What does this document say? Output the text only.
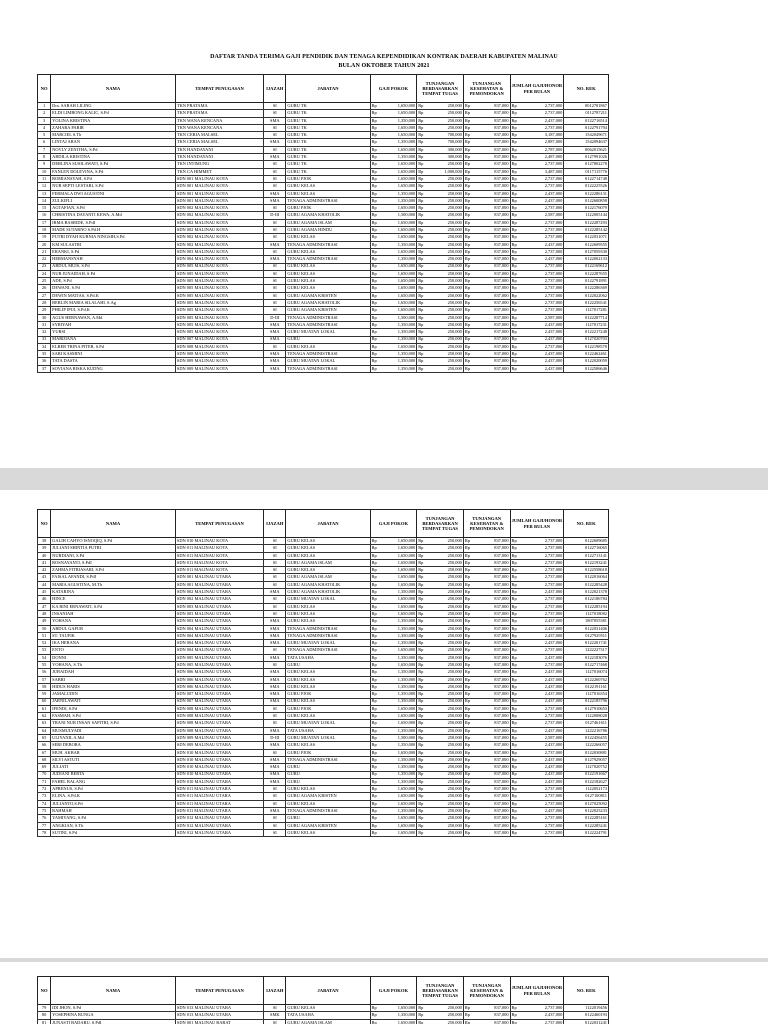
DAFTAR TANDA TERIMA GAJI PENDIDIK DAN TENAGA KEPENDIDIKAN KONTRAK DAERAH KABUPATEN MALINAU
BULAN OKTOBER TAHUN 2021
NO	NAMA	TEMPAT PENUGASAN	IJAZAH	JABATAN	GAJI POKOK		TUNJANGAN BERDASARKAN TEMPAT TUGAS		TUNJANGAN KESEHATAN & PEMONDOKAN		JUMLAH GAJI/HONOR PER BULAN		NO. REK
1	Dra. SARAH LILING	TKN PRATAMA	SI	GURU TK	Rp	1,650,000	Rp	250,000	Rp	837,000	Rp	2,737,000	0012781867
2	ELDI LIMBONG KALIC, S.Pd	TKN PRATAMA	SI	GURU TK	Rp	1,650,000	Rp	250,000	Rp	837,000	Rp	2,737,000	0112787211
3	YOLINA KRISTINA	TKN WANA KENCANA	SMA	GURU TK	Rp	1,350,000	Rp	250,000	Rp	837,000	Rp	2,437,000	0122716514
4	ZAHARA PARIR	TKN WANA KENCANA	SI	GURU TK	Rp	1,650,000	Rp	250,000	Rp	837,000	Rp	2,737,000	0122791794
5	MARCIEL S.Th	TKN CERIA MALSEL	SI	GURU TK	Rp	1,650,000	Rp	700,000	Rp	837,000	Rp	3,187,000	1542049671
6	LINTAJ ARAN	TKN CERIA MALSEL	SMA	GURU TK	Rp	1,350,000	Rp	700,000	Rp	837,000	Rp	2,887,000	1542094637
7	NOVLY ZENITHA, S.Pd	TKN HANDAYANI	SI	GURU TK	Rp	1,650,000	Rp	300,000	Rp	837,000	Rp	2,787,000	0062015621
8	ARDILA KRISTINA	TKN HANDAYANI	SMA	GURU TK	Rp	1,350,000	Rp	300,000	Rp	837,000	Rp	2,487,000	0127991026
9	DERLINA SUSILAWATI, S.Pd	TKN INTIMUNG	SI	GURU TK	Rp	1,650,000	Rp	250,000	Rp	837,000	Rp	2,737,000	0127802278
10	FANLEN DOLEVINA, S.Pd	TKN CA HIMMET	SI	GURU TK	Rp	1,650,000	Rp	1,000,000	Rp	837,000	Rp	3,487,000	0117115776
11	ROMIANSYAH, S.Pd	SDN 001 MALINAU KOTA	SI	GURU PJOK	Rp	1,650,000	Rp	250,000	Rp	837,000	Rp	2,737,000	0122714748
12	NUR SEPTI LESTARI, S.Pd	SDN 001 MALINAU KOTA	SI	GURU KELAS	Rp	1,650,000	Rp	250,000	Rp	837,000	Rp	2,737,000	0122225526
13	FERMALA DWI AGUSTINI	SDN 001 MALINAU KOTA	SMA	GURU KELAS	Rp	1,350,000	Rp	250,000	Rp	837,000	Rp	2,437,000	0122286131
14	ZULKIFLI	SDN 001 MALINAU KOTA	SMA	TENAGA ADMINISTRASI	Rp	1,350,000	Rp	250,000	Rp	837,000	Rp	2,437,000	0122600858
15	AGTAFIAN, S.Pd	SDN 002 MALINAU KOTA	SI	GURU PJOK	Rp	1,650,000	Rp	250,000	Rp	837,000	Rp	2,737,000	0122176079
16	CHRISTINA DAYANTI KEWA, A.Md	SDN 002 MALINAU KOTA	D-III	GURU AGAMA KHATOLIK	Rp	1,500,000	Rp	250,000	Rp	837,000	Rp	2,587,000	1122005144
17	IRMA BASRIDE, S.PdI	SDN 002 MALINAU KOTA	SI	GURU AGAMA ISLAM	Rp	1,650,000	Rp	250,000	Rp	837,000	Rp	2,737,000	0122287293
18	MADE SUTARNO S.Pd.H	SDN 002 MALINAU KOTA	SI	GURU AGAMA HINDU	Rp	1,650,000	Rp	250,000	Rp	837,000	Rp	2,737,000	0122285142
19	PUTRI DYAH KURNIA NINGSIH,S.Pd	SDN 002 MALINAU KOTA	SI	GURU KELAS	Rp	1,650,000	Rp	250,000	Rp	837,000	Rp	2,737,000	0122031071
20	KM SULASTRI	SDN 002 MALINAU KOTA	SMA	TENAGA ADMINISTRASI	Rp	1,350,000	Rp	250,000	Rp	837,000	Rp	2,437,000	0122609555
21	ERANKI, S.Pd	SDN 003 MALINAU KOTA	SI	GURU KELAS	Rp	1,650,000	Rp	250,000	Rp	837,000	Rp	2,737,000	0127059330
22	HERMANSYAH	SDN 004 MALINAU KOTA	SMA	TENAGA ADMINISTRASI	Rp	1,350,000	Rp	250,000	Rp	837,000	Rp	2,437,000	0122002133
23	ABDUL MUIS, S.Pd	SDN 005 MALINAU KOTA	SI	GURU KELAS	Rp	1,650,000	Rp	250,000	Rp	837,000	Rp	2,737,000	0122169612
24	NUR JUNAIDAH, S.Pd	SDN 005 MALINAU KOTA	SI	GURU KELAS	Rp	1,650,000	Rp	250,000	Rp	837,000	Rp	2,737,000	0122287655
25	ADE, S.Pd	SDN 005 MALINAU KOTA	SI	GURU KELAS	Rp	1,650,000	Rp	250,000	Rp	837,000	Rp	2,737,000	0122791891
26	DEWANI, S.Pd	SDN 005 MALINAU KOTA	SI	GURU KELAS	Rp	1,650,000	Rp	250,000	Rp	837,000	Rp	2,737,000	0122286369
27	DEWIN MATIAS, S.Pd.K	SDN 005 MALINAU KOTA	SI	GURU AGAMA KRISTEN	Rp	1,650,000	Rp	250,000	Rp	837,000	Rp	2,737,000	0122022062
28	BERLIN MARIA SILALAHI, S.Ag	SDN 005 MALINAU KOTA	SI	GURU AGAMA KHATOLIK	Rp	1,650,000	Rp	250,000	Rp	837,000	Rp	2,737,000	0122256541
29	PHILIP IPUI, S.Pd.K	SDN 005 MALINAU KOTA	SI	GURU AGAMA KRISTEN	Rp	1,650,000	Rp	250,000	Rp	837,000	Rp	2,737,000	1127017281
30	AGUS HERNAWAN, A.Md	SDN 005 MALINAU KOTA	D-III	TENAGA ADMINISTRASI	Rp	1,500,000	Rp	250,000	Rp	837,000	Rp	2,587,000	0122287714
31	SYRIYAH	SDN 005 MALINAU KOTA	SMA	TENAGA ADMINISTRASI	Rp	1,350,000	Rp	250,000	Rp	837,000	Rp	2,437,000	1127017231
32	YURSI	SDN 005 MALINAU KOTA	SMA	GURU MUATAN LOKAL	Rp	1,350,000	Rp	250,000	Rp	837,000	Rp	2,437,000	0122217248
33	MARIJIANA	SDN 007 MALINAU KOTA	SMA	GURU	Rp	1,350,000	Rp	250,000	Rp	837,000	Rp	2,437,000	0127020703
34	ELBER TRINA PITER, S.Pd	SDN 008 MALINAU KOTA	SI	GURU KELAS	Rp	1,650,000	Rp	250,000	Rp	837,000	Rp	2,737,000	0122198578
35	SARI KASMINI	SDN 008 MALINAU KOTA	SMA	TENAGA ADMINISTRASI	Rp	1,350,000	Rp	250,000	Rp	837,000	Rp	2,437,000	0122462461
36	TATA DASTA	SDN 009 MALINAU KOTA	SMA	GURU MUATAN LOKAL	Rp	1,350,000	Rp	250,000	Rp	837,000	Rp	2,437,000	0122020059
37	SOVIANA RISKA KUDNG	SDN 009 MALINAU KOTA	SMA	TENAGA ADMINISTRASI	Rp	1,350,000	Rp	250,000	Rp	837,000	Rp	2,437,000	0122506646
NO	NAMA	TEMPAT PENUGASAN	IJAZAH	JABATAN	GAJI POKOK		TUNJANGAN BERDASARKAN TEMPAT TUGAS		TUNJANGAN KESEHATAN & PEMONDOKAN		JUMLAH GAJI/HONOR PER BULAN		NO. REK
38	GALIH CAHYO ISNOQIQ, S.Pd	SDN 010 MALINAU KOTA	SI	GURU KELAS	Rp	1,650,000	Rp	250,000	Rp	837,000	Rp	2,737,000	0122609685
39	JULIANI SHINTIA PUTRI	SDN 011 MALINAU KOTA	SI	GURU KELAS	Rp	1,650,000	Rp	250,000	Rp	837,000	Rp	2,737,000	0122716065
40	NURDIANI, S.Pd	SDN 011 MALINAU KOTA	SI	GURU KELAS	Rp	1,650,000	Rp	250,000	Rp	837,000	Rp	2,737,000	0122713141
41	ROSNAYANTI, S.PdI	SDN 011 MALINAU KOTA	SI	GURU AGAMA ISLAM	Rp	1,650,000	Rp	250,000	Rp	837,000	Rp	2,737,000	0122193241
42	ZAHMA FITRIASARI, S.Pd	SDN 011 MALINAU KOTA	SI	GURU KELAS	Rp	1,650,000	Rp	250,000	Rp	837,000	Rp	2,737,000	0122558618
43	FAISAL AFANDI, S.PdI	SDN 001 MALINAU UTARA	SI	GURU AGAMA ISLAM	Rp	1,650,000	Rp	250,000	Rp	837,000	Rp	2,737,000	0122016064
44	MARIA AGUSTINA, M.Th	SDN 001 MALINAU UTARA	SI	GURU AGAMA KHATOLIK	Rp	1,650,000	Rp	250,000	Rp	837,000	Rp	2,737,000	0122285428
45	KATARINA	SDN 002 MALINAU UTARA	SMA	GURU AGAMA KHATOLIK	Rp	1,350,000	Rp	250,000	Rp	837,000	Rp	2,437,000	0122021378
46	HINCE	SDN 002 MALINAU UTARA	SI	GURU MUATAN LOKAL	Rp	1,650,000	Rp	250,000	Rp	837,000	Rp	2,737,000	0122186784
47	KA RINI ERNAWATI, S.Pd	SDN 003 MALINAU UTARA	SI	GURU KELAS	Rp	1,650,000	Rp	250,000	Rp	837,000	Rp	2,737,000	0122285194
48	INSANIAH	SDN 003 MALINAU UTARA	SI	GURU KELAS	Rp	1,650,000	Rp	250,000	Rp	837,000	Rp	2,737,000	1127018082
49	YOHANA	SDN 003 MALINAU UTARA	SMA	GURU KELAS	Rp	1,350,000	Rp	250,000	Rp	837,000	Rp	2,437,000	1807055381
50	ABDUL GAFUR	SDN 004 MALINAU UTARA	SMA	TENAGA ADMINISTRASI	Rp	1,350,000	Rp	250,000	Rp	837,000	Rp	2,437,000	0122031406
51	ST. TAUFIK	SDN 004 MALINAU UTARA	SMA	TENAGA ADMINISTRASI	Rp	1,350,000	Rp	250,000	Rp	837,000	Rp	2,437,000	0127929511
52	IKA HERANA	SDN 004 MALINAU UTARA	SMA	GURU MUATAN LOKAL	Rp	1,350,000	Rp	250,000	Rp	837,000	Rp	2,437,000	0122201741
53	ENTO	SDN 004 MALINAU UTARA	SI	TENAGA ADMINISTRASI	Rp	1,650,000	Rp	250,000	Rp	837,000	Rp	2,737,000	1222227317
54	DONNI	SDN 005 MALINAU UTARA	SMA	TATA USAHA	Rp	1,350,000	Rp	250,000	Rp	837,000	Rp	2,437,000	0122183076
55	YOHANA, S.Th	SDN 005 MALINAU UTARA	SI	GURU	Rp	1,650,000	Rp	250,000	Rp	837,000	Rp	2,737,000	0122717468
56	JUBAIDAH	SDN 006 MALINAU UTARA	SMA	GURU KELAS	Rp	1,350,000	Rp	250,000	Rp	837,000	Rp	2,437,000	1127016074
57	SABRI	SDN 006 MALINAU UTARA	SMA	GURU KELAS	Rp	1,350,000	Rp	250,000	Rp	837,000	Rp	2,437,000	0122260762
58	HIDUS HARIS	SDN 006 MALINAU UTARA	SMA	GURU KELAS	Rp	1,350,000	Rp	250,000	Rp	837,000	Rp	2,437,000	0122191161
59	JAMALUDIN	SDN 007 MALINAU UTARA	SMA	GURU PJOK	Rp	1,350,000	Rp	250,000	Rp	837,000	Rp	2,437,000	1127016354
60	JARNILAWATI	SDN 007 MALINAU UTARA	SMA	GURU KELAS	Rp	1,350,000	Rp	250,000	Rp	837,000	Rp	2,437,000	0122185796
61	IFENDI, S.Pd	SDN 008 MALINAU UTARA	SI	GURU PJOK	Rp	1,650,000	Rp	250,000	Rp	837,000	Rp	2,737,000	0127910653
62	FASMAH, S.Pd	SDN 008 MALINAU UTARA	SI	GURU KELAS	Rp	1,650,000	Rp	250,000	Rp	837,000	Rp	2,737,000	1122008028
63	TRANI NUR INSAN SAPITRI, S.Pd	SDN 008 MALINAU UTARA	SI	GURU MUATAN LOKAL	Rp	1,650,000	Rp	250,000	Rp	837,000	Rp	2,737,000	0127461611
64	MUSMULYADI	SDN 008 MALINAU UTARA	SMA	TATA USAHA	Rp	1,350,000	Rp	250,000	Rp	837,000	Rp	2,437,000	1222216786
65	ULIYANIL A.Md	SDN 009 MALINAU UTARA	D-III	GURU MUATAN LOKAL	Rp	1,500,000	Rp	250,000	Rp	837,000	Rp	2,587,000	0122456455
66	SERI DEBORA	SDN 009 MALINAU UTARA	SMA	GURU KELAS	Rp	1,350,000	Rp	250,000	Rp	837,000	Rp	2,437,000	1222266057
67	MUH. AKBAR	SDN 010 MALINAU UTARA	SI	GURU PJOK	Rp	1,650,000	Rp	250,000	Rp	837,000	Rp	2,737,000	0122030881
68	SILVI ASTUTI	SDN 010 MALINAU UTARA	SMA	TENAGA ADMINISTRASI	Rp	1,350,000	Rp	250,000	Rp	837,000	Rp	2,437,000	0127929057
69	JULIATI	SDN 010 MALINAU UTARA	SMA	GURU	Rp	1,350,000	Rp	250,000	Rp	837,000	Rp	2,437,000	1127020752
70	JUDIANI BERTA	SDN 010 MALINAU UTARA	SMA	GURU	Rp	1,350,000	Rp	250,000	Rp	837,000	Rp	2,437,000	0122191667
71	FAHEL BALANG	SDN 010 MALINAU UTARA	SMA	GURU	Rp	1,350,000	Rp	250,000	Rp	837,000	Rp	2,437,000	0122182627
72	APRENUS, S.Pd	SDN 011 MALINAU UTARA	SI	GURU KELAS	Rp	1,650,000	Rp	250,000	Rp	837,000	Rp	2,737,000	1122052173
73	ELINA, S.Pd.K	SDN 011 MALINAU UTARA	SI	GURU AGAMA KRISTEN	Rp	1,650,000	Rp	250,000	Rp	837,000	Rp	2,737,000	0127100811
74	JULIANTO,S.Pd	SDN 011 MALINAU UTARA	SI	GURU KELAS	Rp	1,650,000	Rp	250,000	Rp	837,000	Rp	2,737,000	0127025092
75	RAHMAH	SDN 011 MALINAU UTARA	SMA	TENAGA ADMINISTRASI	Rp	1,350,000	Rp	250,000	Rp	837,000	Rp	2,437,000	0122025233
76	YAMIYANG, S.Pd	SDN 012 MALINAU UTARA	SI	GURU	Rp	1,650,000	Rp	250,000	Rp	837,000	Rp	2,737,000	0122285161
77	ANGKIAN, S.Th	SDN 012 MALINAU UTARA	SI	GURU AGAMA KRISTEN	Rp	1,650,000	Rp	250,000	Rp	837,000	Rp	2,737,000	0122285241
78	SUTINI, S.Pd	SDN 012 MALINAU UTARA	SI	GURU KELAS	Rp	1,650,000	Rp	250,000	Rp	837,000	Rp	2,737,000	0122224791
NO	NAMA	TEMPAT PENUGASAN	IJAZAH	JABATAN	GAJI POKOK		TUNJANGAN BERDASARKAN TEMPAT TUGAS		TUNJANGAN KESEHATAN & PEMONDOKAN		JUMLAH GAJI/HONOR PER BULAN		NO. REK
79	IDI JHON, S.Pd	SDN 013 MALINAU UTARA	SI	GURU KELAS	Rp	1,650,000	Rp	250,000	Rp	837,000	Rp	2,737,000	1122019456
80	YOSEPHINA BUNGA	SDN 013 MALINAU UTARA	SMK	TATA USAHA	Rp	1,350,000	Rp	250,000	Rp	837,000	Rp	2,437,000	0122460193
81	JUNASTI BADARU, S.PdI	SDN 001 MALINAU BARAT	SI	GURU AGAMA ISLAM	Rp	1,650,000	Rp	250,000	Rp	837,000	Rp	2,737,000	0122031241
